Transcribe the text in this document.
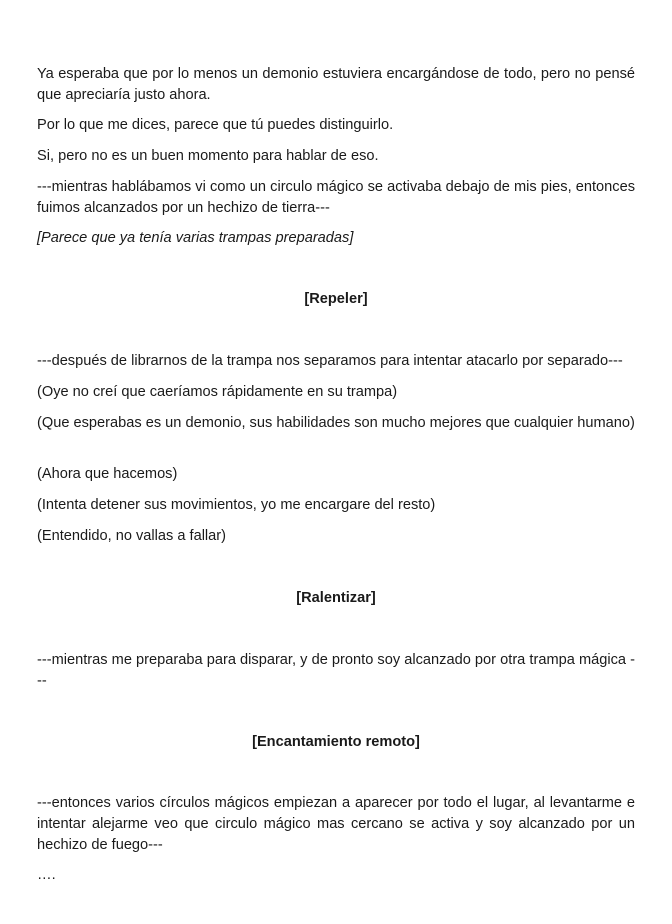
Ya esperaba que por lo menos un demonio estuviera encargándose de todo, pero no pensé que apreciaría justo ahora.

Por lo que me dices, parece que tú puedes distinguirlo.

Si, pero no es un buen momento para hablar de eso.

---mientras hablábamos vi como un circulo mágico se activaba debajo de mis pies, entonces fuimos alcanzados por un hechizo de tierra---

[Parece que ya tenía varias trampas preparadas]

[Repeler]

---después de librarnos de la trampa nos separamos para intentar atacarlo por separado---

(Oye no creí que caeríamos rápidamente en su trampa)

(Que esperabas es un demonio, sus habilidades son mucho mejores que cualquier humano)

(Ahora que hacemos)

(Intenta detener sus movimientos, yo me encargare del resto)

(Entendido, no vallas a fallar)

[Ralentizar]

---mientras me preparaba para disparar, y de pronto soy alcanzado por otra trampa mágica ---

[Encantamiento remoto]

---entonces varios círculos mágicos empiezan a aparecer por todo el lugar, al levantarme e intentar alejarme veo que circulo mágico mas cercano se activa y soy alcanzado por un hechizo de fuego---

….
